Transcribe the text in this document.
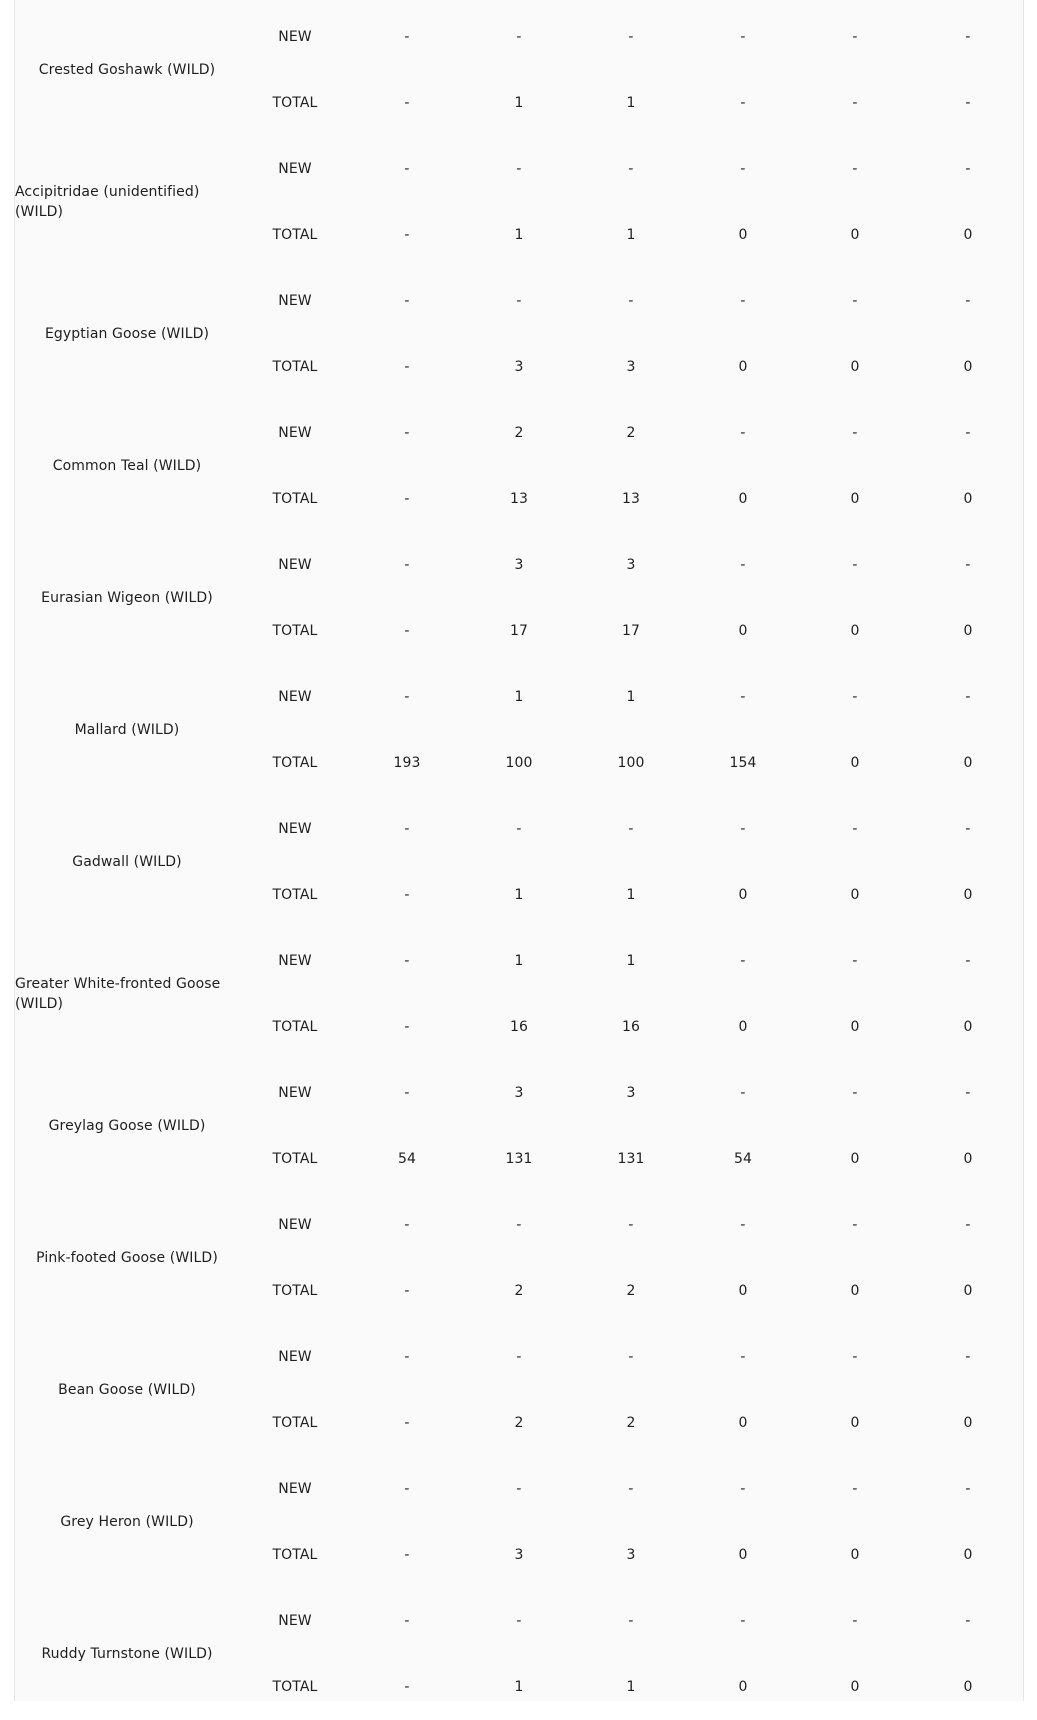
Crested Goshawk (WILD)	NEW	-	-	-	-	-	-
	TOTAL	-	1	1	-	-	-
Accipitridae (unidentified) (WILD)	NEW	-	-	-	-	-	-
	TOTAL	-	1	1	0	0	0
Egyptian Goose (WILD)	NEW	-	-	-	-	-	-
	TOTAL	-	3	3	0	0	0
Common Teal (WILD)	NEW	-	2	2	-	-	-
	TOTAL	-	13	13	0	0	0
Eurasian Wigeon (WILD)	NEW	-	3	3	-	-	-
	TOTAL	-	17	17	0	0	0
Mallard (WILD)	NEW	-	1	1	-	-	-
	TOTAL	193	100	100	154	0	0
Gadwall (WILD)	NEW	-	-	-	-	-	-
	TOTAL	-	1	1	0	0	0
Greater White-fronted Goose (WILD)	NEW	-	1	1	-	-	-
	TOTAL	-	16	16	0	0	0
Greylag Goose (WILD)	NEW	-	3	3	-	-	-
	TOTAL	54	131	131	54	0	0
Pink-footed Goose (WILD)	NEW	-	-	-	-	-	-
	TOTAL	-	2	2	0	0	0
Bean Goose (WILD)	NEW	-	-	-	-	-	-
	TOTAL	-	2	2	0	0	0
Grey Heron (WILD)	NEW	-	-	-	-	-	-
	TOTAL	-	3	3	0	0	0
Ruddy Turnstone (WILD)	NEW	-	-	-	-	-	-
	TOTAL	-	1	1	0	0	0
